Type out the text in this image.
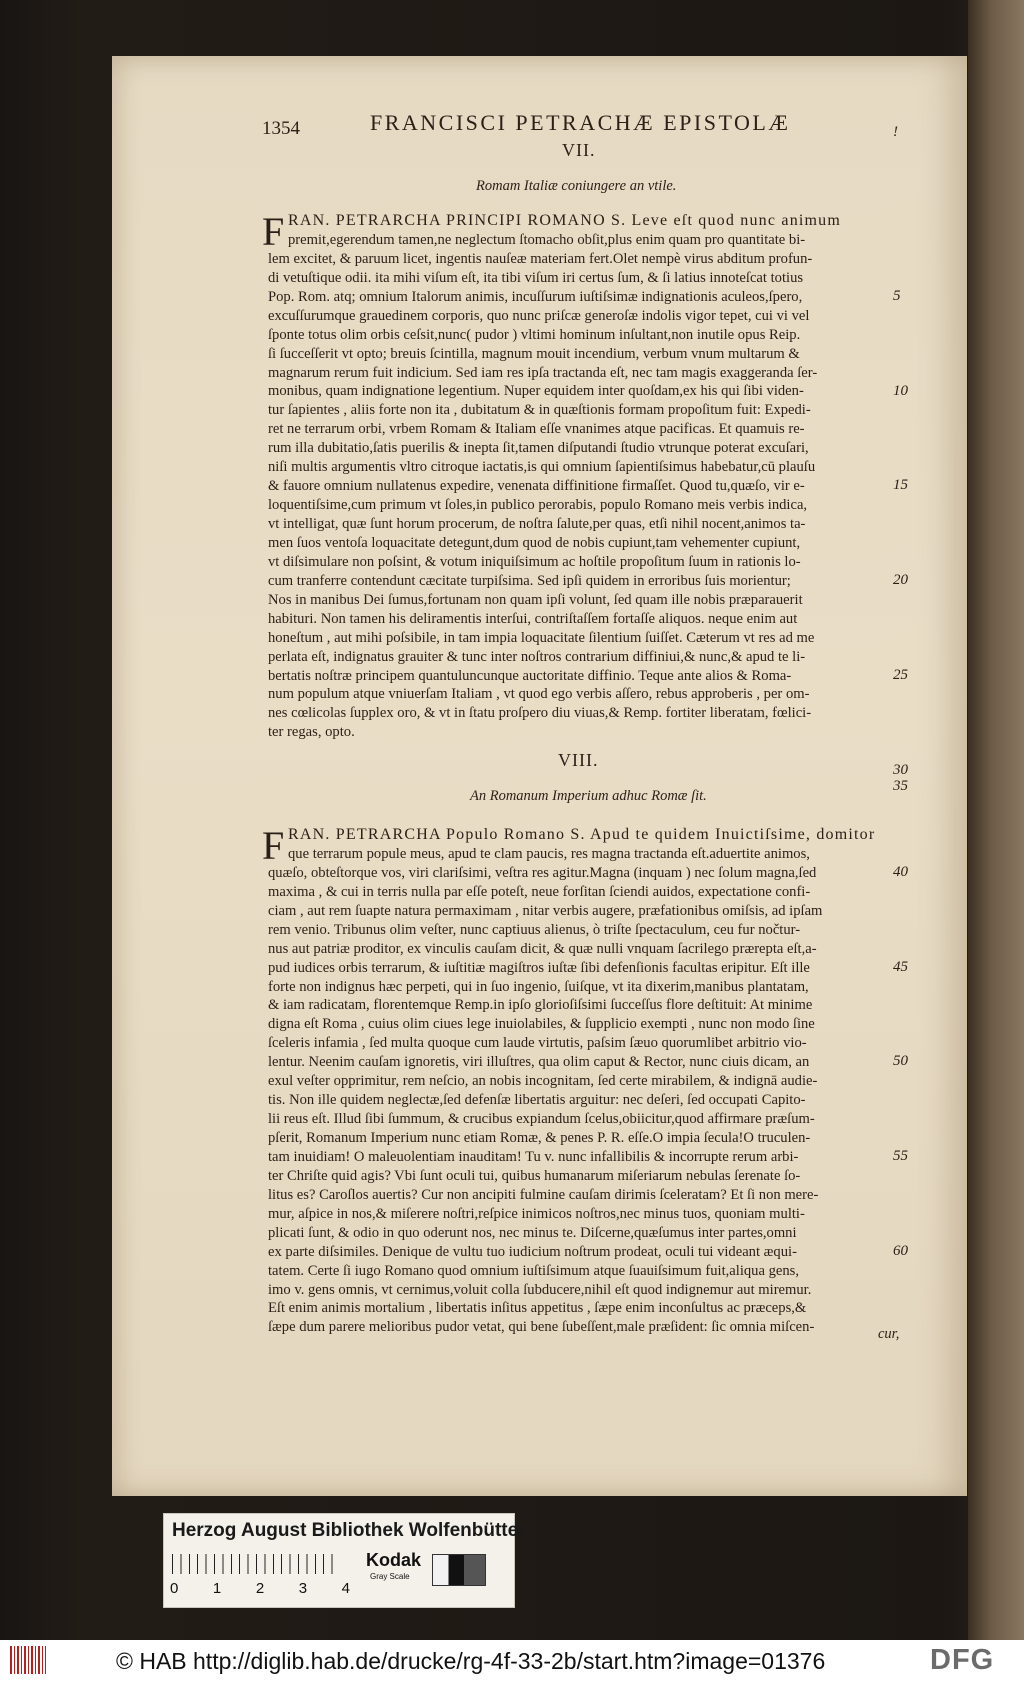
1354	FRANCISCI PETRACHÆ EPISTOLÆ	!
VII.
Romam Italiæ coniungere an vtile.
F RAN. PETRARCHA PRINCIPI ROMANO S. Leve eſt quod nunc animum
premit,egerendum tamen,ne neglectum ſtomacho obſit,plus enim quam pro quantitate bi-
lem excitet, & paruum licet, ingentis nauſeæ materiam fert.Olet nempè virus abditum profun-
di vetuſtique odii. ita mihi viſum eſt, ita tibi viſum iri certus ſum, & ſi latius innoteſcat totius
Pop. Rom. atq; omnium Italorum animis, incuſſurum iuſtiſsimæ indignationis aculeos,ſpero,
excuſſurumque grauedinem corporis, quo nunc priſcæ generoſæ indolis vigor tepet, cui vi vel
ſponte totus olim orbis ceſsit,nunc( pudor ) vltimi hominum inſultant,non inutile opus Reip.
ſi ſucceſſerit vt opto; breuis ſcintilla, magnum mouit incendium, verbum vnum multarum &
magnarum rerum fuit indicium. Sed iam res ipſa tractanda eſt, nec tam magis exaggeranda ſer-
monibus, quam indignatione legentium. Nuper equidem inter quoſdam,ex his qui ſibi viden-
tur ſapientes , aliis forte non ita , dubitatum & in quæſtionis formam propoſitum fuit: Expedi-
ret ne terrarum orbi, vrbem Romam & Italiam eſſe vnanimes atque pacificas. Et quamuis re-
rum illa dubitatio,ſatis puerilis & inepta ſit,tamen diſputandi ſtudio vtrunque poterat excuſari,
niſi multis argumentis vltro citroque iactatis,is qui omnium ſapientiſsimus habebatur,cū plauſu
& fauore omnium nullatenus expedire, venenata diffinitione firmaſſet. Quod tu,quæſo, vir e-
loquentiſsime,cum primum vt ſoles,in publico perorabis, populo Romano meis verbis indica,
vt intelligat, quæ ſunt horum procerum, de noſtra ſalute,per quas, etſi nihil nocent,animos ta-
men ſuos ventoſa loquacitate detegunt,dum quod de nobis cupiunt,tam vehementer cupiunt,
vt diſsimulare non poſsint, & votum iniquiſsimum ac hoſtile propoſitum ſuum in rationis lo-
cum tranferre contendunt cæcitate turpiſsima. Sed ipſi quidem in erroribus ſuis morientur;
Nos in manibus Dei ſumus,fortunam non quam ipſi volunt, ſed quam ille nobis præparauerit
habituri. Non tamen his deliramentis interſui, contriſtaſſem fortaſſe aliquos. neque enim aut
honeſtum , aut mihi poſsibile, in tam impia loquacitate ſilentium ſuiſſet. Cæterum vt res ad me
perlata eſt, indignatus grauiter & tunc inter noſtros contrarium diffiniui,& nunc,& apud te li-
bertatis noſtræ principem quantuluncunque auctoritate diffinio. Teque ante alios & Roma-
num populum atque vniuerſam Italiam , vt quod ego verbis aſſero, rebus approberis , per om-
nes cœlicolas ſupplex oro, & vt in ſtatu proſpero diu viuas,& Remp. fortiter liberatam, fœlici-
ter regas, opto.
VIII.
An Romanum Imperium adhuc Romæ ſit.
F RAN. PETRARCHA Populo Romano S. Apud te quidem Inuictiſsime, domitor
que terrarum popule meus, apud te clam paucis, res magna tractanda eſt.aduertite animos,
quæſo, obteſtorque vos, viri clariſsimi, veſtra res agitur.Magna (inquam ) nec ſolum magna,ſed
maxima , & cui in terris nulla par eſſe poteſt, neue forſitan ſciendi auidos, expectatione confi-
ciam , aut rem ſuapte natura permaximam , nitar verbis augere, præfationibus omiſsis, ad ipſam
rem venio. Tribunus olim veſter, nunc captiuus alienus, ò triſte ſpectaculum, ceu fur nočtur-
nus aut patriæ proditor, ex vinculis cauſam dicit, & quæ nulli vnquam ſacrilego prærepta eſt,a-
pud iudices orbis terrarum, & iuſtitiæ magiſtros iuſtæ ſibi defenſionis facultas eripitur. Eſt ille
forte non indignus hæc perpeti, qui in ſuo ingenio, ſuiſque, vt ita dixerim,manibus plantatam,
& iam radicatam, florentemque Remp.in ipſo glorioſiſsimi ſucceſſus flore deſtituit: At minime
digna eſt Roma , cuius olim ciues lege inuiolabiles, & ſupplicio exempti , nunc non modo ſine
ſceleris infamia , ſed multa quoque cum laude virtutis, paſsim ſæuo quorumlibet arbitrio vio-
lentur. Neenim cauſam ignoretis, viri illuſtres, qua olim caput & Rector, nunc ciuis dicam, an
exul veſter opprimitur, rem neſcio, an nobis incognitam, ſed certe mirabilem, & indignā audie-
tis. Non ille quidem neglectæ,ſed defenſæ libertatis arguitur: nec deſeri, ſed occupati Capito-
lii reus eſt. Illud ſibi ſummum, & crucibus expiandum ſcelus,obiicitur,quod affirmare præſum-
pſerit, Romanum Imperium nunc etiam Romæ, & penes P. R. eſſe.O impia ſecula!O truculen-
tam inuidiam! O maleuolentiam inauditam! Tu v. nunc infallibilis & incorrupte rerum arbi-
ter Chriſte quid agis? Vbi ſunt oculi tui, quibus humanarum miſeriarum nebulas ſerenate ſo-
litus es? Caroſlos auertis? Cur non ancipiti fulmine cauſam dirimis ſceleratam? Et ſi non mere-
mur, aſpice in nos,& miſerere noſtri,reſpice inimicos noſtros,nec minus tuos, quoniam multi-
plicati ſunt, & odio in quo oderunt nos, nec minus te. Diſcerne,quæſumus inter partes,omni
ex parte diſsimiles. Denique de vultu tuo iudicium noſtrum prodeat, oculi tui videant æqui-
tatem. Certe ſi iugo Romano quod omnium iuſtiſsimum atque ſuauiſsimum fuit,aliqua gens,
imo v. gens omnis, vt cernimus,voluit colla ſubducere,nihil eſt quod indignemur aut miremur.
Eſt enim animis mortalium , libertatis inſitus appetitus , ſæpe enim inconſultus ac præceps,&
ſæpe dum parere melioribus pudor vetat, qui bene ſubeſſent,male præſident: ſic omnia miſcen-	cur,
5
10
15
20
25
30
35
40
45
50
55
60
Herzog August Bibliothek Wolfenbüttel
0 1 2 3 4
Kodak
Gray Scale
© HAB http://diglib.hab.de/drucke/rg-4f-33-2b/start.htm?image=01376	DFG
